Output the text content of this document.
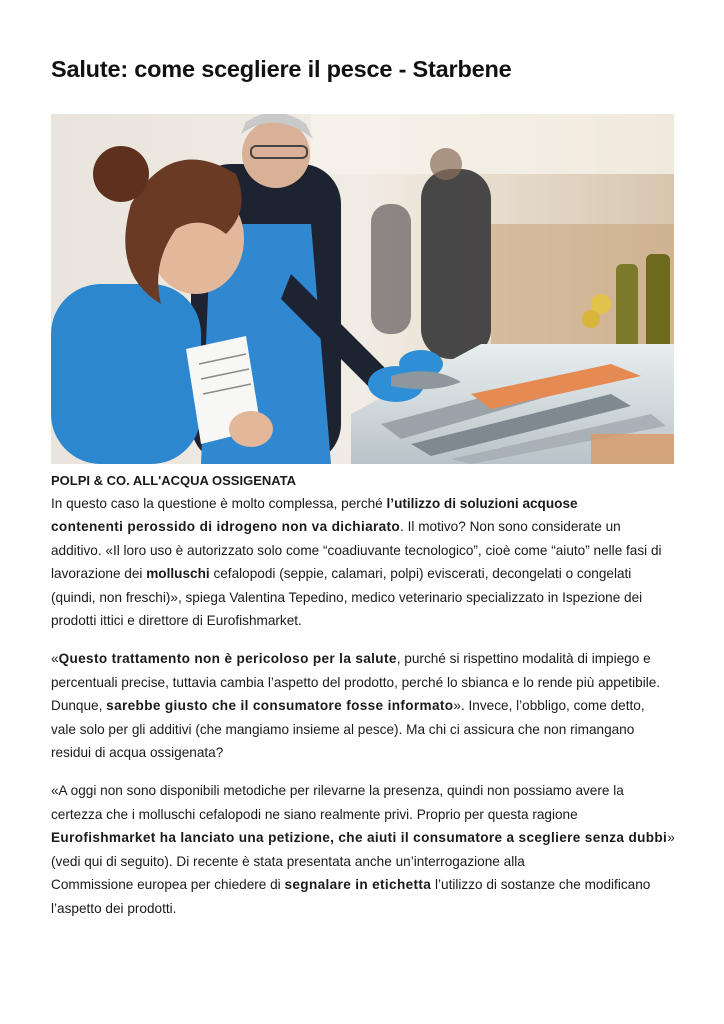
Salute: come scegliere il pesce - Starbene

POLPI & CO. ALL'ACQUA OSSIGENATA

In questo caso la questione è molto complessa, perché l’utilizzo di soluzioni acquose

contenenti perossido di idrogeno non va dichiarato. Il motivo? Non sono considerate un

additivo. «Il loro uso è autorizzato solo come “coadiuvante tecnologico”, cioè come “aiuto” nelle fasi di

lavorazione dei molluschi cefalopodi (seppie, calamari, polpi) eviscerati, decongelati o congelati

(quindi, non freschi)», spiega Valentina Tepedino, medico veterinario specializzato in Ispezione dei

prodotti ittici e direttore di Eurofishmarket.

«Questo trattamento non è pericoloso per la salute, purché si rispettino modalità di impiego e

percentuali precise, tuttavia cambia l’aspetto del prodotto, perché lo sbianca e lo rende più appetibile.

Dunque, sarebbe giusto che il consumatore fosse informato». Invece, l’obbligo, come detto,

vale solo per gli additivi (che mangiamo insieme al pesce). Ma chi ci assicura che non rimangano

residui di acqua ossigenata?

«A oggi non sono disponibili metodiche per rilevarne la presenza, quindi non possiamo avere la

certezza che i molluschi cefalopodi ne siano realmente privi. Proprio per questa ragione

Eurofishmarket ha lanciato una petizione, che aiuti il consumatore a scegliere senza dubbi»

(vedi qui di seguito). Di recente è stata presentata anche un’interrogazione alla

Commissione europea per chiedere di segnalare in etichetta l’utilizzo di sostanze che modificano

l’aspetto dei prodotti.
